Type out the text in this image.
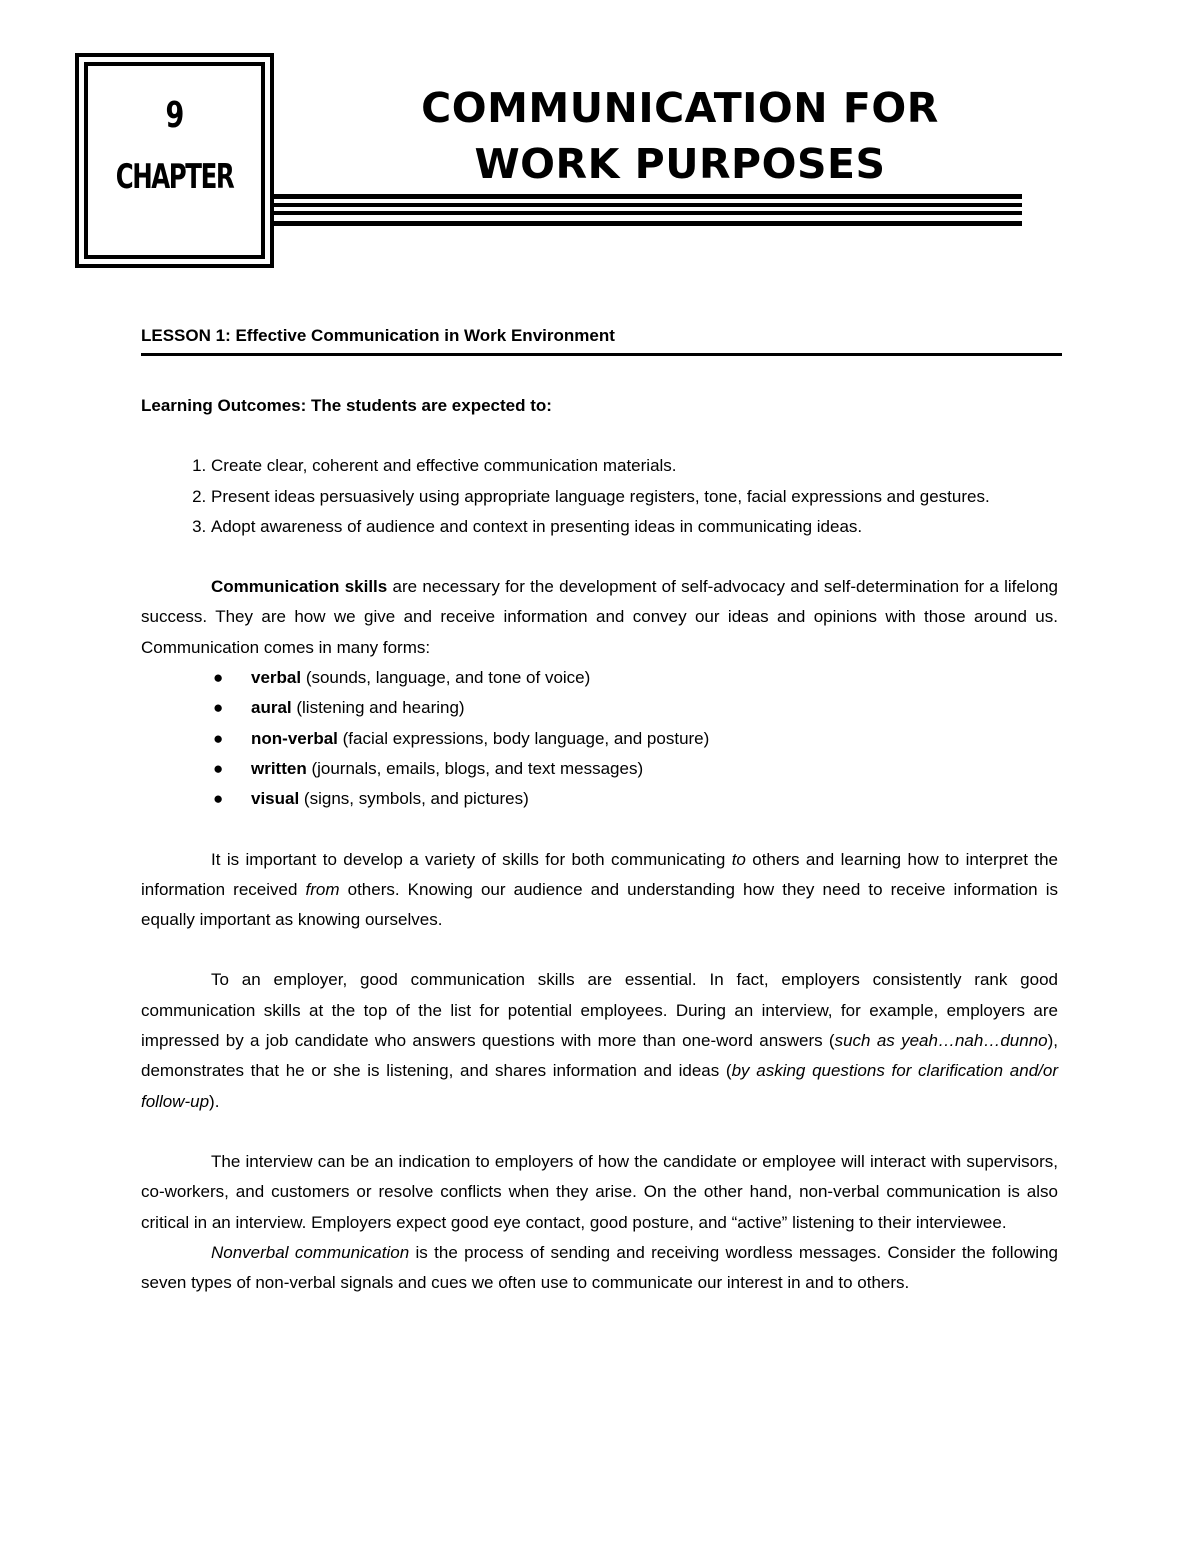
9
CHAPTER
COMMUNICATION FOR
WORK PURPOSES
LESSON 1: Effective Communication in Work Environment
Learning Outcomes: The students are expected to:
1. Create clear, coherent and effective communication materials.
2. Present ideas persuasively using appropriate language registers, tone, facial expressions and gestures.
3. Adopt awareness of audience and context in presenting ideas in communicating ideas.

Communication skills are necessary for the development of self-advocacy and self-determination for a lifelong success. They are how we give and receive information and convey our ideas and opinions with those around us. Communication comes in many forms:

● verbal (sounds, language, and tone of voice)
● aural (listening and hearing)
● non-verbal (facial expressions, body language, and posture)
● written (journals, emails, blogs, and text messages)
● visual (signs, symbols, and pictures)

It is important to develop a variety of skills for both communicating to others and learning how to interpret the information received from others. Knowing our audience and understanding how they need to receive information is equally important as knowing ourselves.

To an employer, good communication skills are essential. In fact, employers consistently rank good communication skills at the top of the list for potential employees. During an interview, for example, employers are impressed by a job candidate who answers questions with more than one-word answers (such as yeah…nah…dunno), demonstrates that he or she is listening, and shares information and ideas (by asking questions for clarification and/or follow-up).

The interview can be an indication to employers of how the candidate or employee will interact with supervisors, co-workers, and customers or resolve conflicts when they arise. On the other hand, non-verbal communication is also critical in an interview. Employers expect good eye contact, good posture, and “active” listening to their interviewee.

Nonverbal communication is the process of sending and receiving wordless messages. Consider the following seven types of non-verbal signals and cues we often use to communicate our interest in and to others.
